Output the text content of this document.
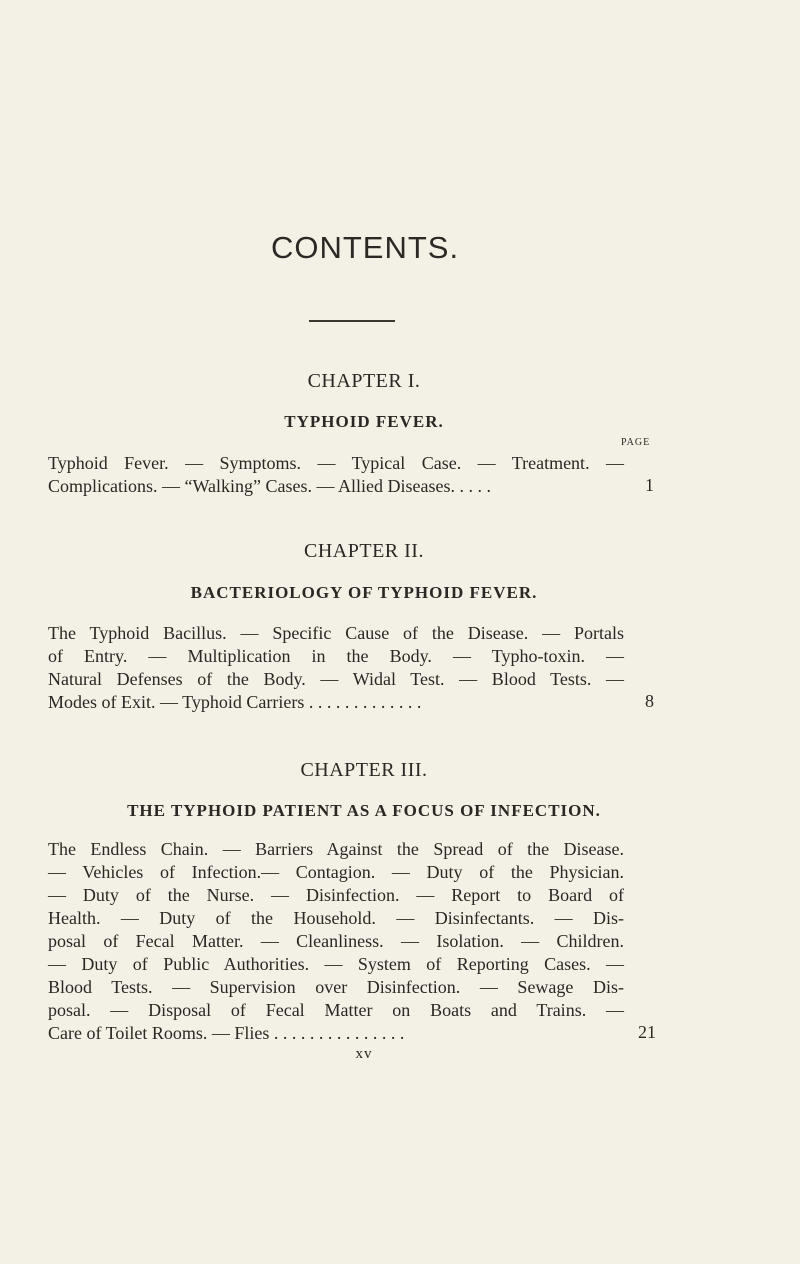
CONTENTS.
CHAPTER I.
TYPHOID FEVER.
PAGE

Typhoid Fever. — Symptoms. — Typical Case. — Treatment. —
Complications. — “Walking” Cases. — Allied Diseases. . . . .	1
CHAPTER II.
BACTERIOLOGY OF TYPHOID FEVER.

The Typhoid Bacillus. — Specific Cause of the Disease. — Portals
of Entry. — Multiplication in the Body. — Typho-toxin. —
Natural Defenses of the Body. — Widal Test. — Blood Tests. —
Modes of Exit. — Typhoid Carriers . . . . . . . . . . . . .	8
CHAPTER III.
THE TYPHOID PATIENT AS A FOCUS OF INFECTION.

The Endless Chain. — Barriers Against the Spread of the Disease.
— Vehicles of Infection.— Contagion. — Duty of the Physician.
— Duty of the Nurse. — Disinfection. — Report to Board of
Health. — Duty of the Household. — Disinfectants. — Dis-
posal of Fecal Matter. — Cleanliness. — Isolation. — Children.
— Duty of Public Authorities. — System of Reporting Cases. —
Blood Tests. — Supervision over Disinfection. — Sewage Dis-
posal. — Disposal of Fecal Matter on Boats and Trains. —
Care of Toilet Rooms. — Flies . . . . . . . . . . . . . . .	21
xv
